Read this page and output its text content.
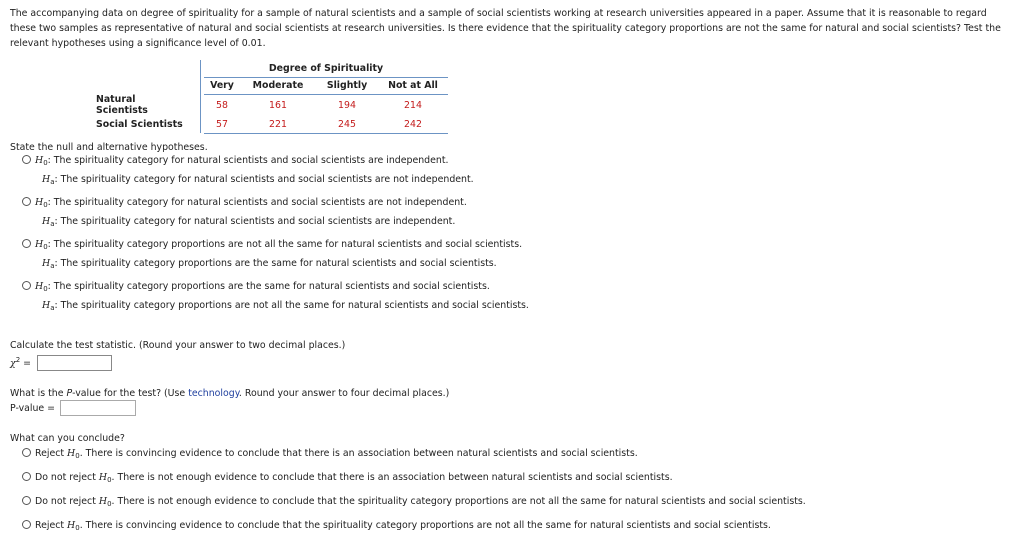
The accompanying data on degree of spirituality for a sample of natural scientists and a sample of social scientists working at research universities appeared in a paper. Assume that it is reasonable to regard these two samples as representative of natural and social scientists at research universities. Is there evidence that the spirituality category proportions are not the same for natural and social scientists? Test the relevant hypotheses using a significance level of 0.01.
		Degree of Spirituality			
		Very	Moderate	Slightly	Not at All
Natural Scientists		58	161	194	214
Social Scientists		57	221	245	242
State the null and alternative hypotheses.
$H_0$: The spirituality category for natural scientists and social scientists are independent.
$H_a$: The spirituality category for natural scientists and social scientists are not independent.
$H_0$: The spirituality category for natural scientists and social scientists are not independent.
$H_a$: The spirituality category for natural scientists and social scientists are independent.
$H_0$: The spirituality category proportions are not all the same for natural scientists and social scientists.
$H_a$: The spirituality category proportions are the same for natural scientists and social scientists.
$H_0$: The spirituality category proportions are the same for natural scientists and social scientists.
$H_a$: The spirituality category proportions are not all the same for natural scientists and social scientists.
Calculate the test statistic. (Round your answer to two decimal places.)
$\chi^2$ =
What is the P-value for the test? (Use technology. Round your answer to four decimal places.)
P-value =
What can you conclude?
Reject $H_0$. There is convincing evidence to conclude that there is an association between natural scientists and social scientists.
Do not reject $H_0$. There is not enough evidence to conclude that there is an association between natural scientists and social scientists.
Do not reject $H_0$. There is not enough evidence to conclude that the spirituality category proportions are not all the same for natural scientists and social scientists.
Reject $H_0$. There is convincing evidence to conclude that the spirituality category proportions are not all the same for natural scientists and social scientists.
